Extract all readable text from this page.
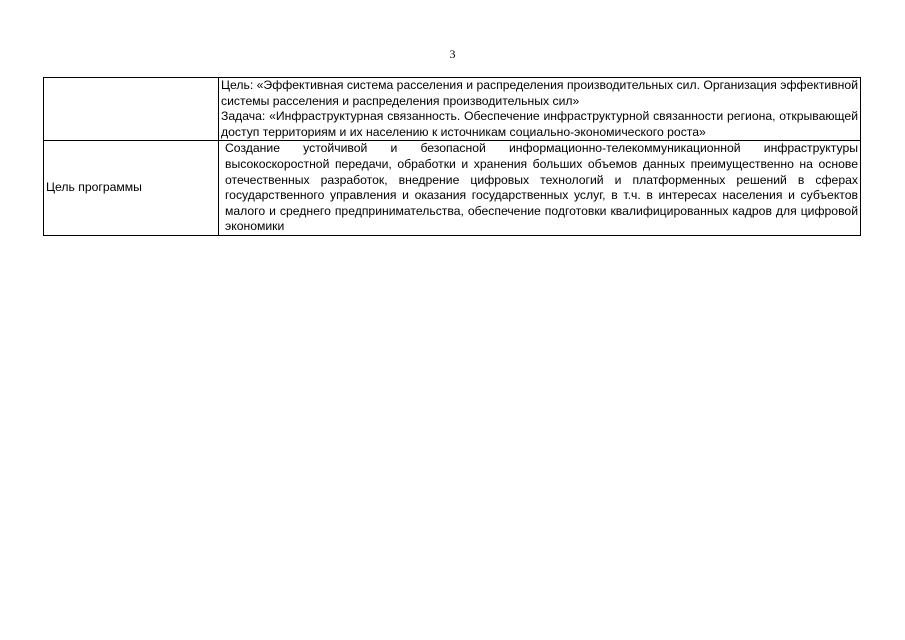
3

	Цель: «Эффективная система расселения и распределения производительных сил. Организация эффективной системы расселения и распределения производительных сил»
Задача: «Инфраструктурная связанность. Обеспечение инфраструктурной связанности региона, открывающей доступ территориям и их населению к источникам социально-экономического роста»

Цель программы	Создание устойчивой и безопасной информационно-телекоммуникационной инфраструктуры высокоскоростной передачи, обработки и хранения больших объемов данных преимущественно на основе отечественных разработок, внедрение цифровых технологий и платформенных решений в сферах государственного управления и оказания государственных услуг, в т.ч. в интересах населения и субъектов малого и среднего предпринимательства, обеспечение подготовки квалифицированных кадров для цифровой экономики
